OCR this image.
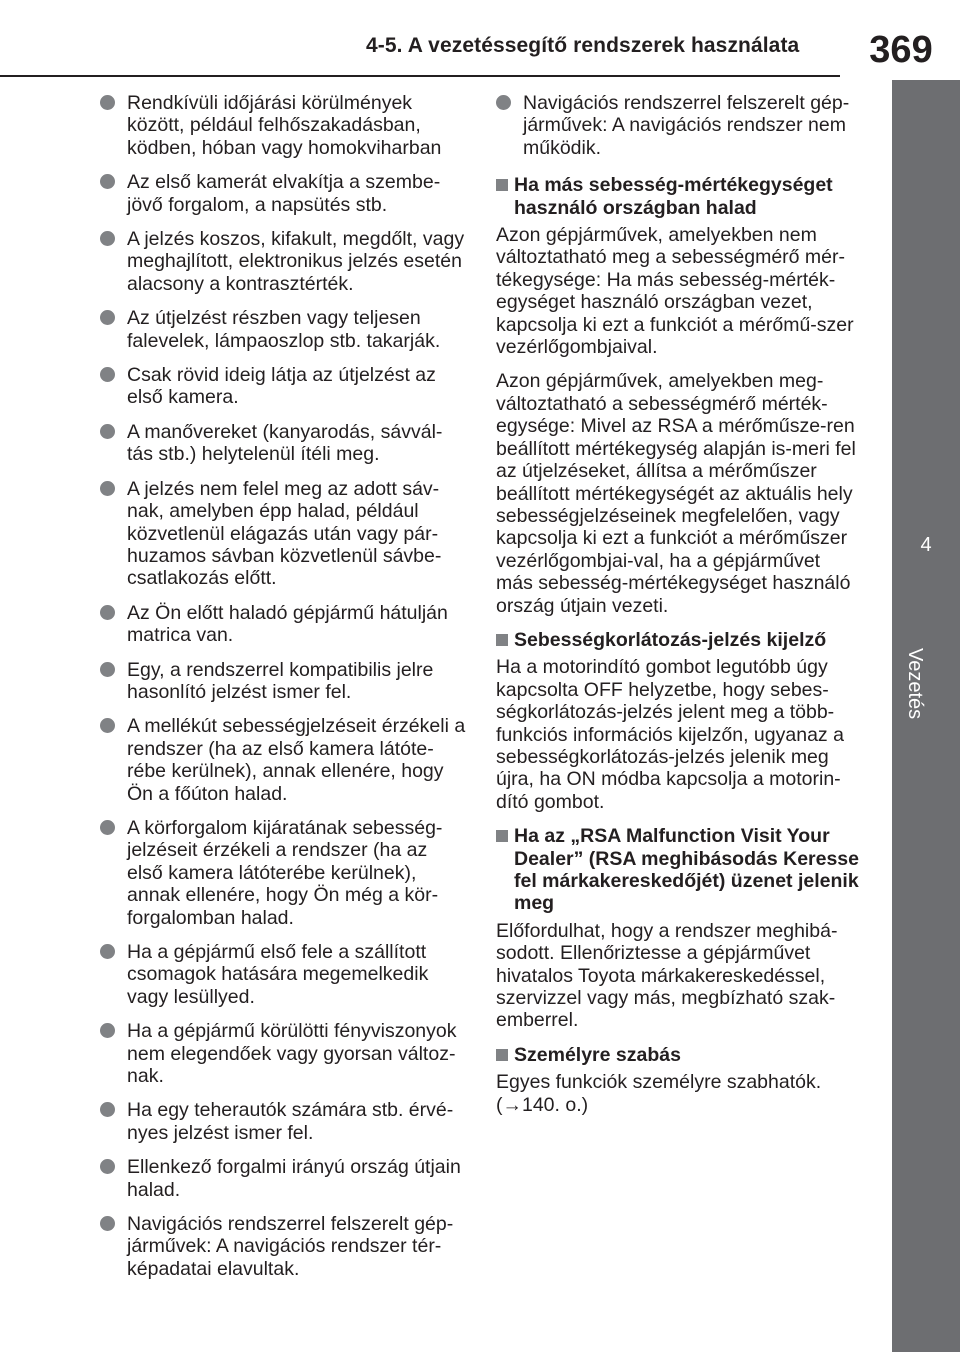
4-5. A vezetéssegítő rendszerek használata	369
4
Vezetés
Rendkívüli időjárási körülmények között, például felhőszakadásban, ködben, hóban vagy homokviharban
Az első kamerát elvakítja a szembe-jövő forgalom, a napsütés stb.
A jelzés koszos, kifakult, megdőlt, vagy meghajlított, elektronikus jelzés esetén alacsony a kontrasztérték.
Az útjelzést részben vagy teljesen falevelek, lámpaoszlop stb. takarják.
Csak rövid ideig látja az útjelzést az első kamera.
A manővereket (kanyarodás, sávvál-tás stb.) helytelenül ítéli meg.
A jelzés nem felel meg az adott sáv-nak, amelyben épp halad, például közvetlenül elágazás után vagy pár-huzamos sávban közvetlenül sávbe-csatlakozás előtt.
Az Ön előtt haladó gépjármű hátulján matrica van.
Egy, a rendszerrel kompatibilis jelre hasonlító jelzést ismer fel.
A mellékút sebességjelzéseit érzékeli a rendszer (ha az első kamera látóte-rébe kerülnek), annak ellenére, hogy Ön a főúton halad.
A körforgalom kijáratának sebesség-jelzéseit érzékeli a rendszer (ha az első kamera látóterébe kerülnek), annak ellenére, hogy Ön még a kör-forgalomban halad.
Ha a gépjármű első fele a szállított csomagok hatására megemelkedik vagy lesüllyed.
Ha a gépjármű körülötti fényviszonyok nem elegendőek vagy gyorsan változ-nak.
Ha egy teherautók számára stb. érvé-nyes jelzést ismer fel.
Ellenkező forgalmi irányú ország útjain halad.
Navigációs rendszerrel felszerelt gép-járművek: A navigációs rendszer tér-képadatai elavultak.
Navigációs rendszerrel felszerelt gép-járművek: A navigációs rendszer nem működik.
Ha más sebesség-mértékegységet használó országban halad

Azon gépjárművek, amelyekben nem változtatható meg a sebességmérő mér-tékegysége: Ha más sebesség-mérték-egységet használó országban vezet, kapcsolja ki ezt a funkciót a mérőmű-szer vezérlőgombjaival.

Azon gépjárművek, amelyekben meg-változtatható a sebességmérő mérték-egysége: Mivel az RSA a mérőműsze-ren beállított mértékegység alapján is-meri fel az útjelzéseket, állítsa a mérőműszer beállított mértékegységét az aktuális hely sebességjelzéseinek megfelelően, vagy kapcsolja ki ezt a funkciót a mérőműszer vezérlőgombjai-val, ha a gépjárművet más sebesség-mértékegységet használó ország útjain vezeti.

Sebességkorlátozás-jelzés kijelző

Ha a motorindító gombot legutóbb úgy kapcsolta OFF helyzetbe, hogy sebes-ségkorlátozás-jelzés jelent meg a több-funkciós információs kijelzőn, ugyanaz a sebességkorlátozás-jelzés jelenik meg újra, ha ON módba kapcsolja a motorin-dító gombot.

Ha az „RSA Malfunction Visit Your Dealer” (RSA meghibásodás Keresse fel márkakereskedőjét) üzenet jelenik meg

Előfordulhat, hogy a rendszer meghibá-sodott. Ellenőriztesse a gépjárművet hivatalos Toyota márkakereskedéssel, szervizzel vagy más, megbízható szak-emberrel.

Személyre szabás

Egyes funkciók személyre szabhatók. (→140. o.)
